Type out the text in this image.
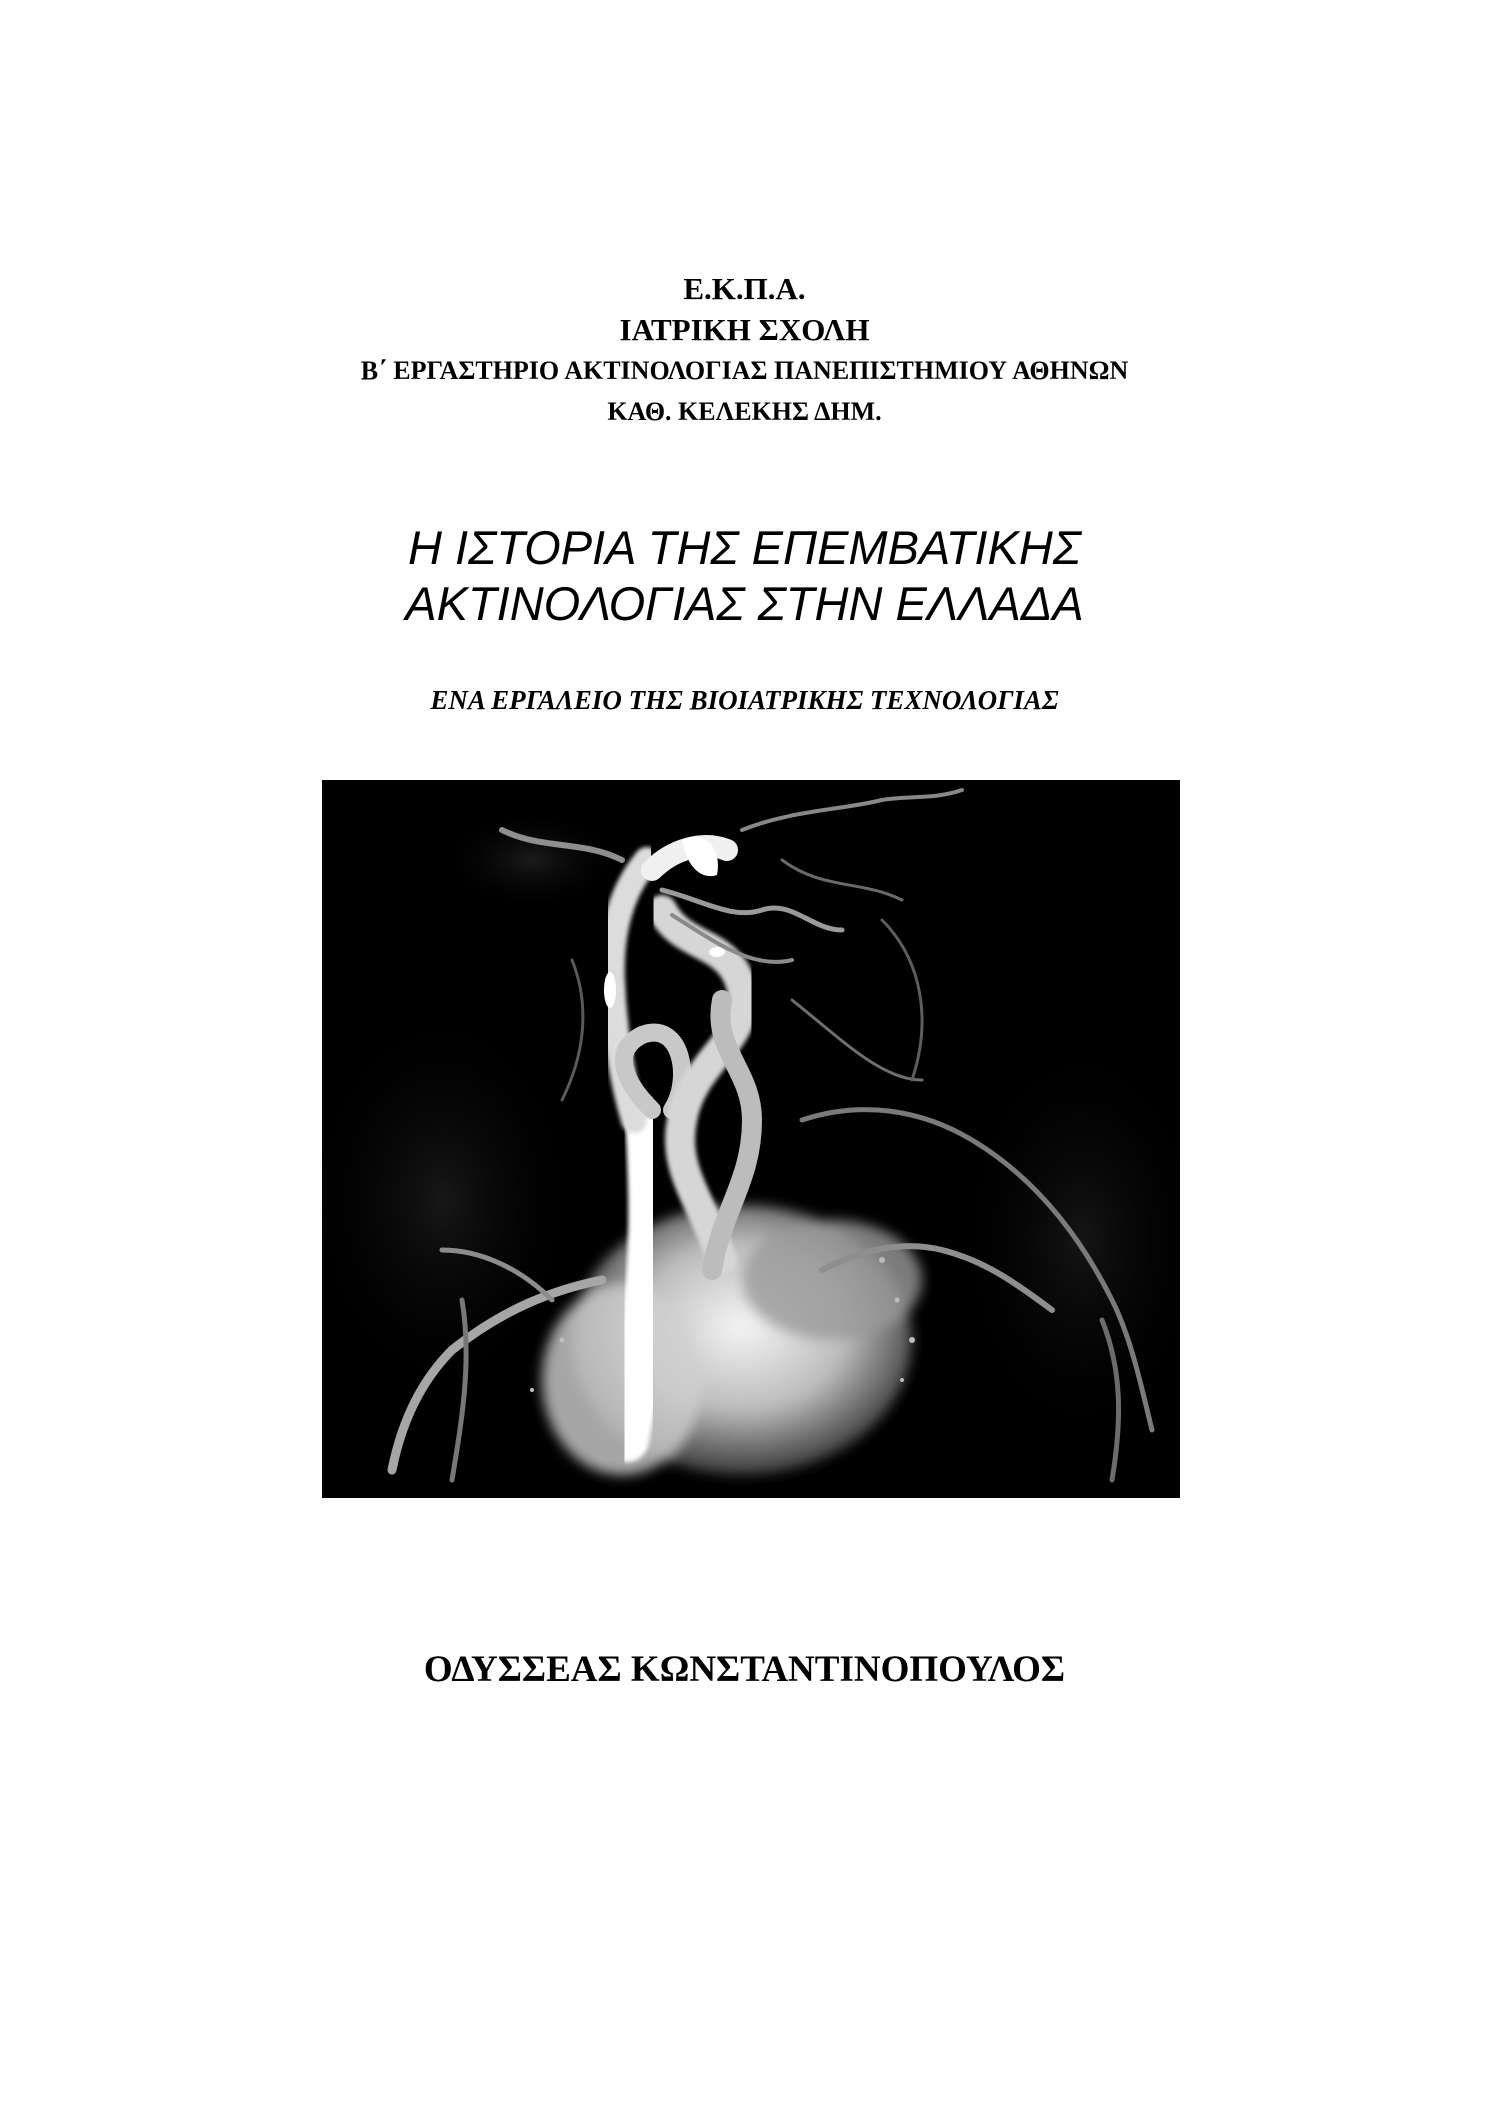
Ε.Κ.Π.Α.
ΙΑΤΡΙΚΗ ΣΧΟΛΗ
Β΄ ΕΡΓΑΣΤΗΡΙΟ ΑΚΤΙΝΟΛΟΓΙΑΣ ΠΑΝΕΠΙΣΤΗΜΙΟΥ ΑΘΗΝΩΝ
ΚΑΘ. ΚΕΛΕΚΗΣ ΔΗΜ.
Η ΙΣΤΟΡΙΑ ΤΗΣ ΕΠΕΜΒΑΤΙΚΗΣ
ΑΚΤΙΝΟΛΟΓΙΑΣ ΣΤΗΝ ΕΛΛΑΔΑ
ΕΝΑ ΕΡΓΑΛΕΙΟ ΤΗΣ ΒΙΟΙΑΤΡΙΚΗΣ ΤΕΧΝΟΛΟΓΙΑΣ
ΟΔΥΣΣΕΑΣ ΚΩΝΣΤΑΝΤΙΝΟΠΟΥΛΟΣ
